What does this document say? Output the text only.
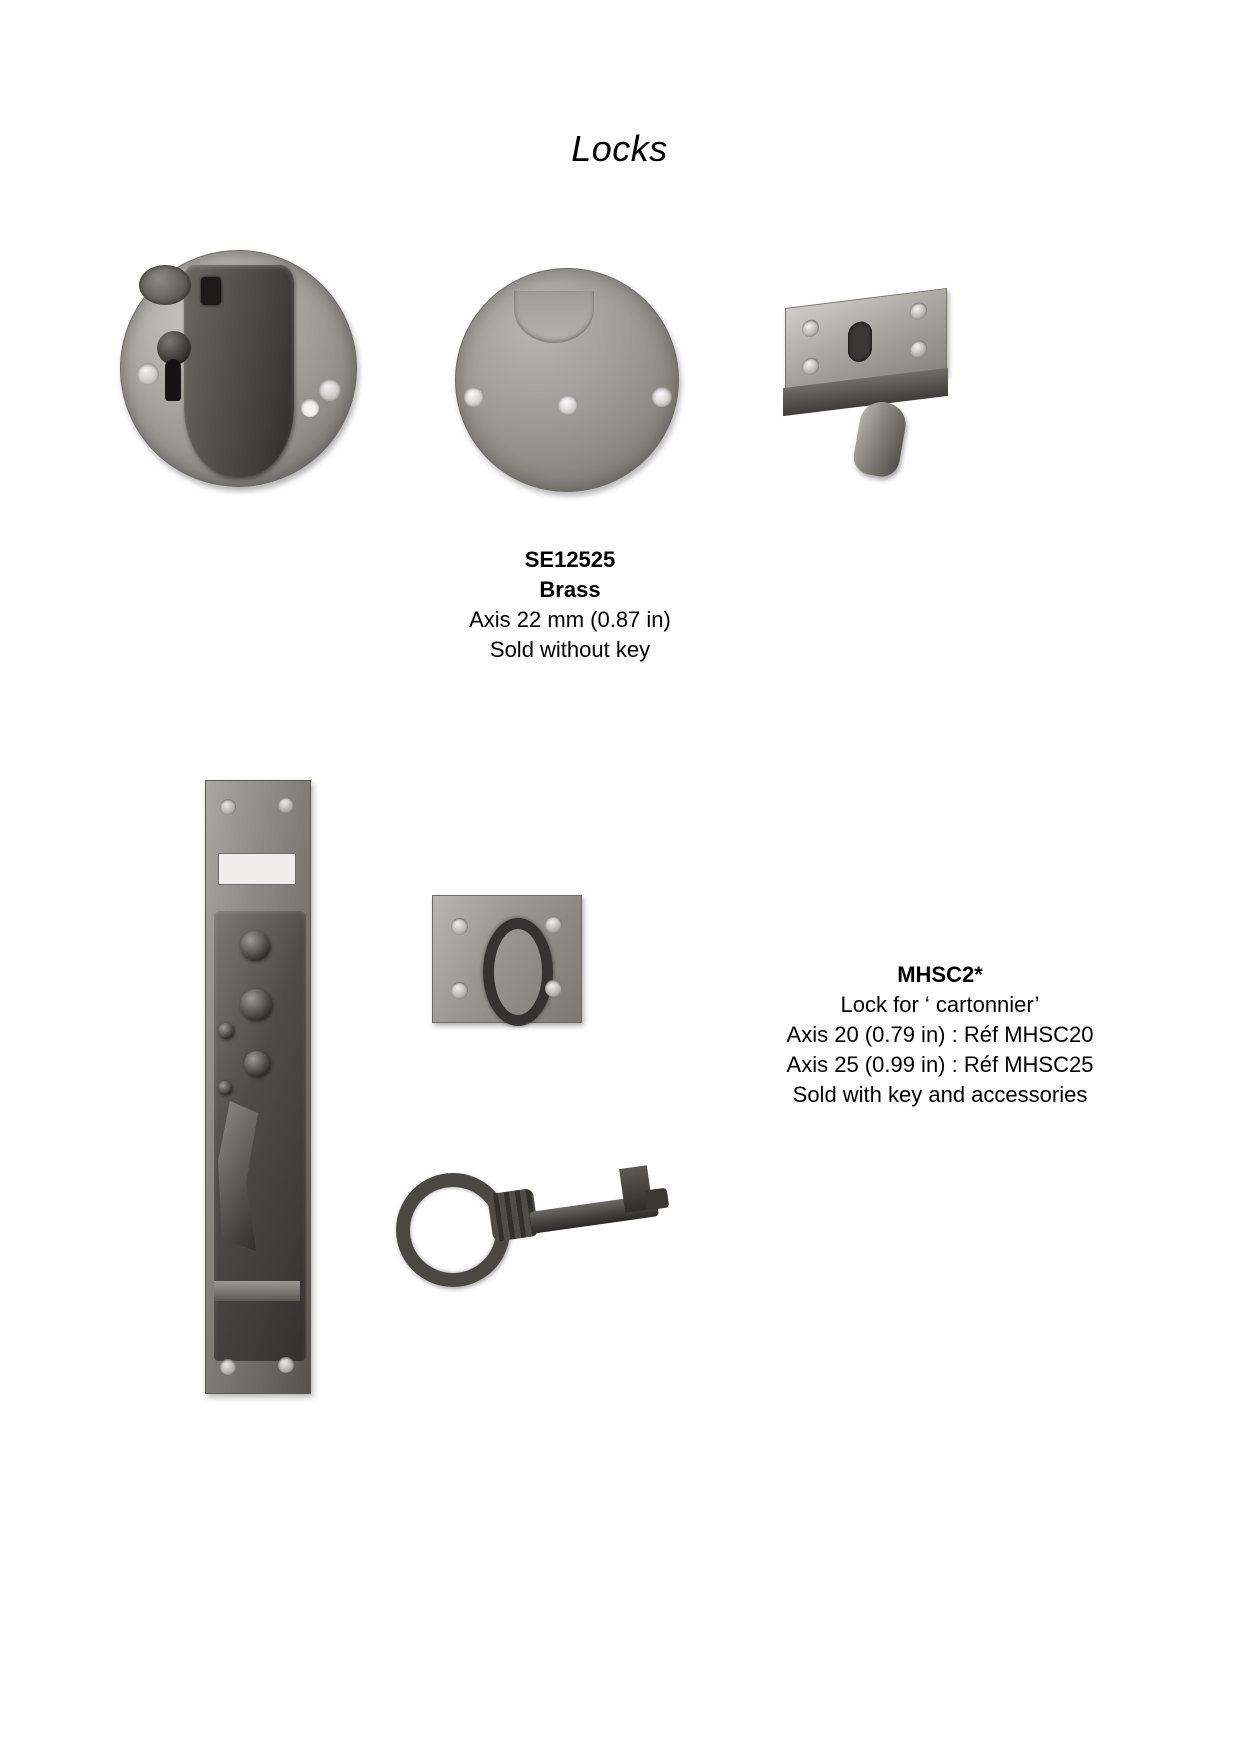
Locks
SE12525
Brass
Axis 22 mm (0.87 in)
Sold without key
MHSC2*
Lock for ‘ cartonnier’
Axis 20 (0.79 in) : Réf MHSC20
Axis 25 (0.99 in) : Réf MHSC25
Sold with key and accessories
